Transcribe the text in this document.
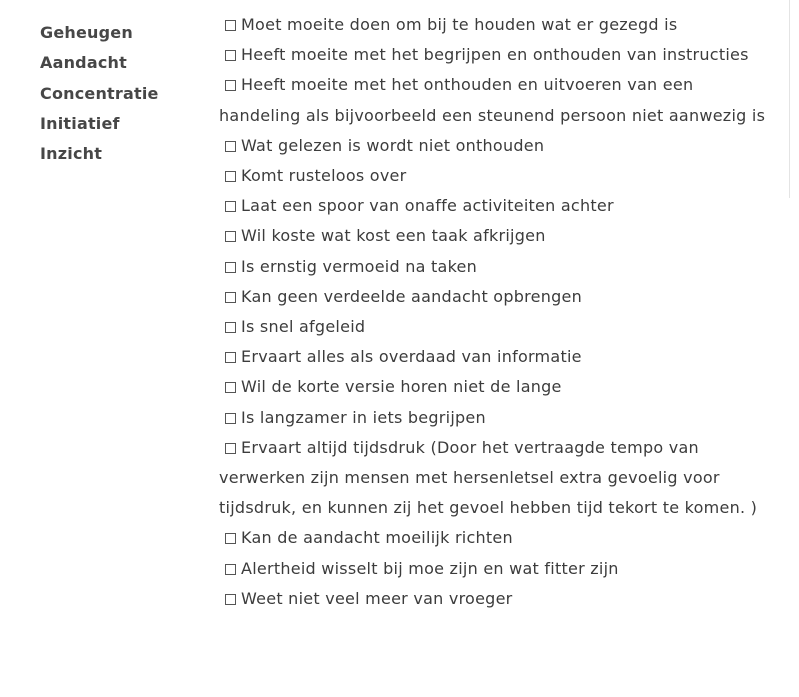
Geheugen
Aandacht
Concentratie
Initiatief
Inzicht
Moet moeite doen om bij te houden wat er gezegd is
Heeft moeite met het begrijpen en onthouden van instructies
Heeft moeite met het onthouden en uitvoeren van een handeling als bijvoorbeeld een steunend persoon niet aanwezig is
Wat gelezen is wordt niet onthouden
Komt rusteloos over
Laat een spoor van onaffe activiteiten achter
Wil koste wat kost een taak afkrijgen
Is ernstig vermoeid na taken
Kan geen verdeelde aandacht opbrengen
Is snel afgeleid
Ervaart alles als overdaad van informatie
Wil de korte versie horen niet de lange
Is langzamer in iets begrijpen
Ervaart altijd tijdsdruk (Door het vertraagde tempo van verwerken zijn mensen met hersenletsel extra gevoelig voor tijdsdruk, en kunnen zij het gevoel hebben tijd tekort te komen. )
Kan de aandacht moeilijk richten
Alertheid wisselt bij moe zijn en wat fitter zijn
Weet niet veel meer van vroeger
